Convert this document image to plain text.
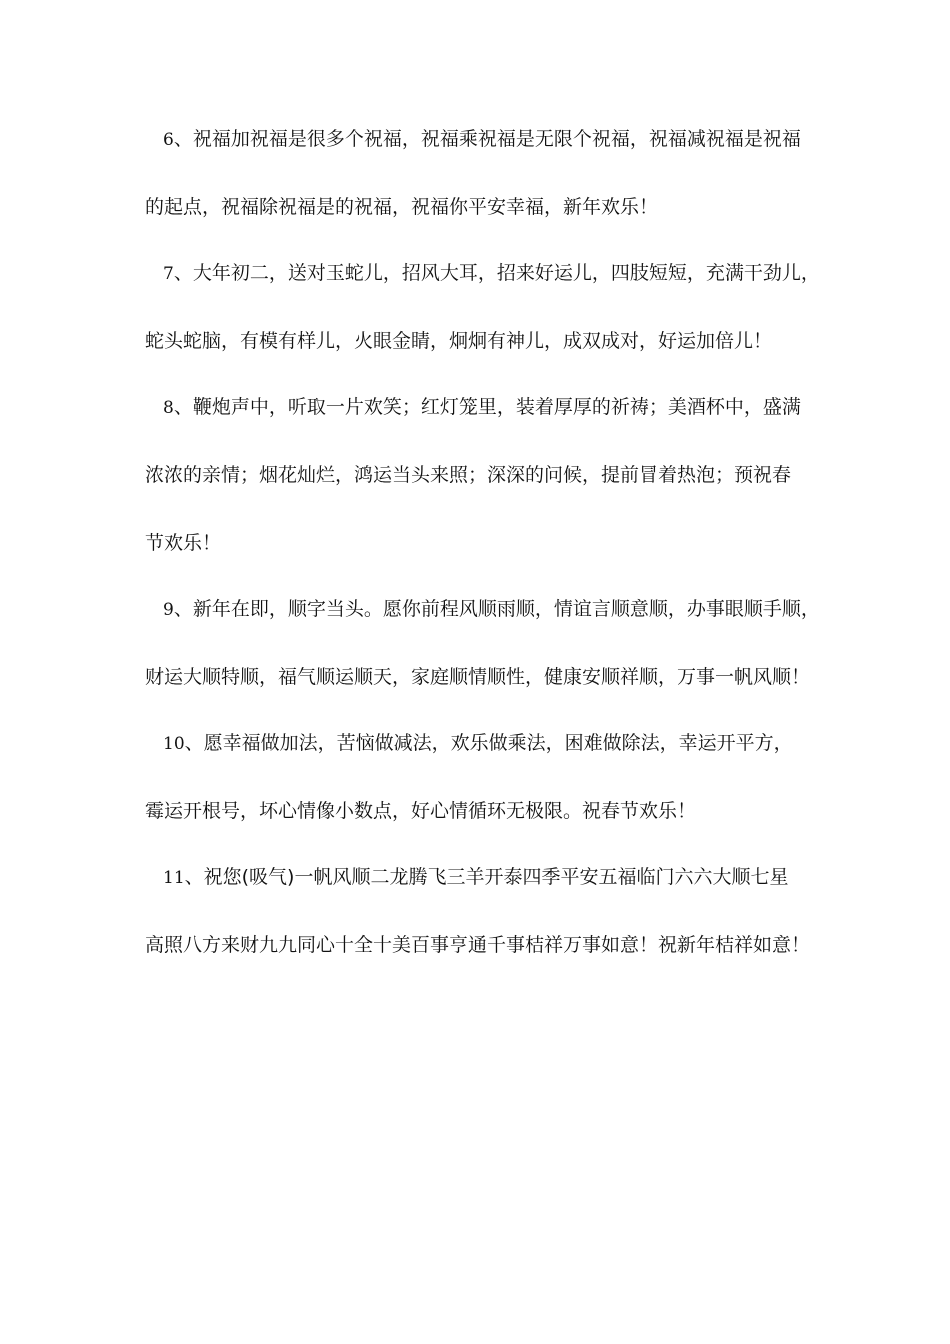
6、祝福加祝福是很多个祝福，祝福乘祝福是无限个祝福，祝福减祝福是祝福
的起点，祝福除祝福是的祝福，祝福你平安幸福，新年欢乐！
7、大年初二，送对玉蛇儿，招风大耳，招来好运儿，四肢短短，充满干劲儿，
蛇头蛇脑，有模有样儿，火眼金睛，炯炯有神儿，成双成对，好运加倍儿！
8、鞭炮声中，听取一片欢笑；红灯笼里，装着厚厚的祈祷；美酒杯中，盛满
浓浓的亲情；烟花灿烂，鸿运当头来照；深深的问候，提前冒着热泡；预祝春
节欢乐！
9、新年在即，顺字当头。愿你前程风顺雨顺，情谊言顺意顺，办事眼顺手顺，
财运大顺特顺，福气顺运顺天，家庭顺情顺性，健康安顺祥顺，万事一帆风顺！
10、愿幸福做加法，苦恼做减法，欢乐做乘法，困难做除法，幸运开平方，
霉运开根号，坏心情像小数点，好心情循环无极限。祝春节欢乐！
11、祝您(吸气)一帆风顺二龙腾飞三羊开泰四季平安五福临门六六大顺七星
高照八方来财九九同心十全十美百事亨通千事桔祥万事如意！祝新年桔祥如意！
